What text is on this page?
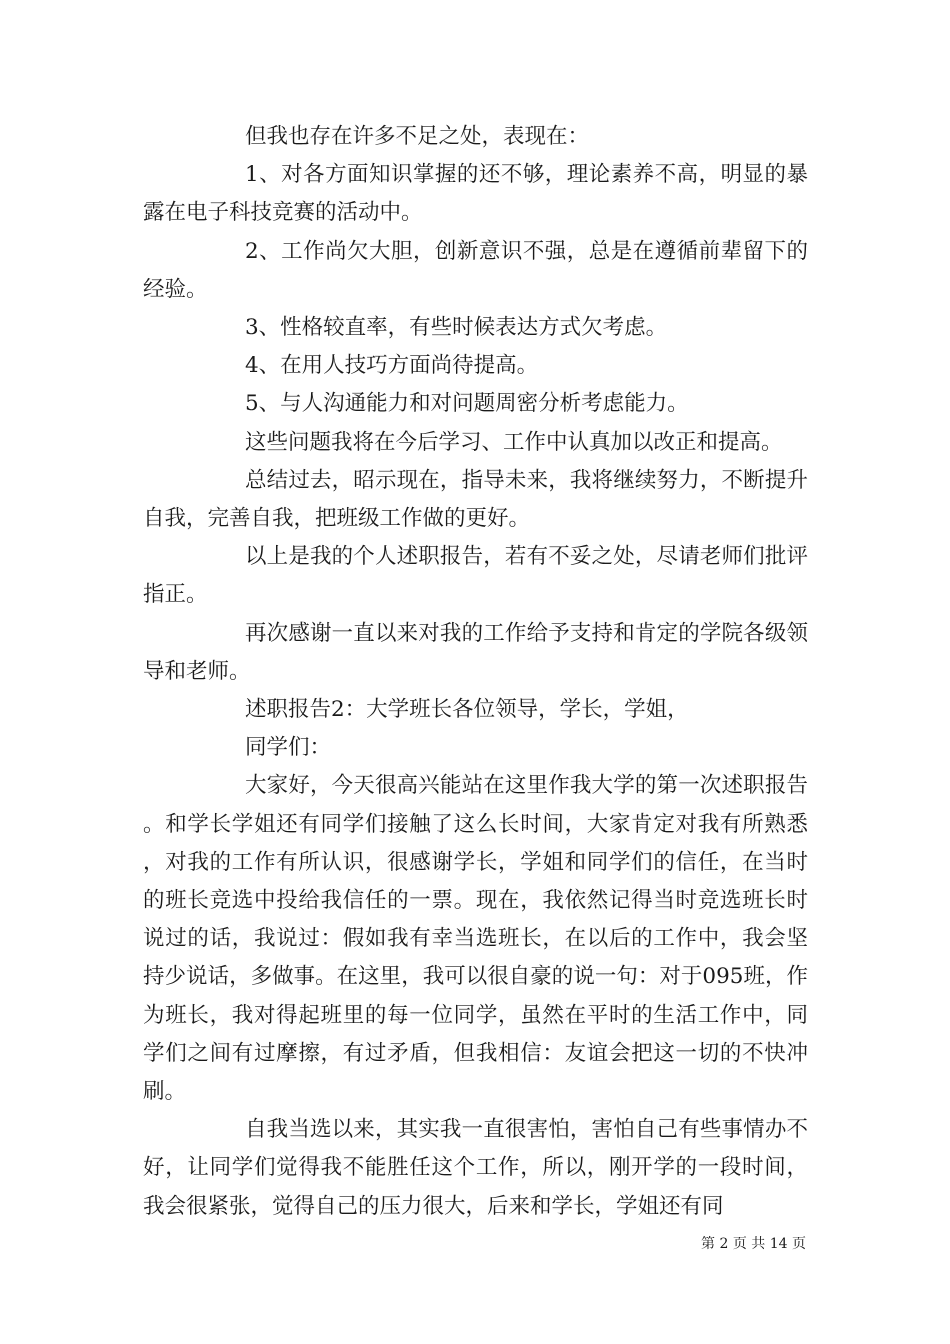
但我也存在许多不足之处，表现在：

1、对各方面知识掌握的还不够，理论素养不高，明显的暴露在电子科技竞赛的活动中。

2、工作尚欠大胆，创新意识不强，总是在遵循前辈留下的经验。

3、性格较直率，有些时候表达方式欠考虑。

4、在用人技巧方面尚待提高。

5、与人沟通能力和对问题周密分析考虑能力。

这些问题我将在今后学习、工作中认真加以改正和提高。

总结过去，昭示现在，指导未来，我将继续努力，不断提升自我，完善自我，把班级工作做的更好。

以上是我的个人述职报告，若有不妥之处，尽请老师们批评指正。

再次感谢一直以来对我的工作给予支持和肯定的学院各级领导和老师。

述职报告2：大学班长各位领导，学长，学姐，

同学们：

大家好，今天很高兴能站在这里作我大学的第一次述职报告。和学长学姐还有同学们接触了这么长时间，大家肯定对我有所熟悉，对我的工作有所认识，很感谢学长，学姐和同学们的信任，在当时的班长竞选中投给我信任的一票。现在，我依然记得当时竞选班长时说过的话，我说过：假如我有幸当选班长，在以后的工作中，我会坚持少说话，多做事。在这里，我可以很自豪的说一句：对于095班，作为班长，我对得起班里的每一位同学，虽然在平时的生活工作中，同学们之间有过摩擦，有过矛盾，但我相信：友谊会把这一切的不快冲刷。

自我当选以来，其实我一直很害怕，害怕自己有些事情办不好，让同学们觉得我不能胜任这个工作，所以，刚开学的一段时间，我会很紧张，觉得自己的压力很大，后来和学长，学姐还有同

第 2 页 共 14 页
